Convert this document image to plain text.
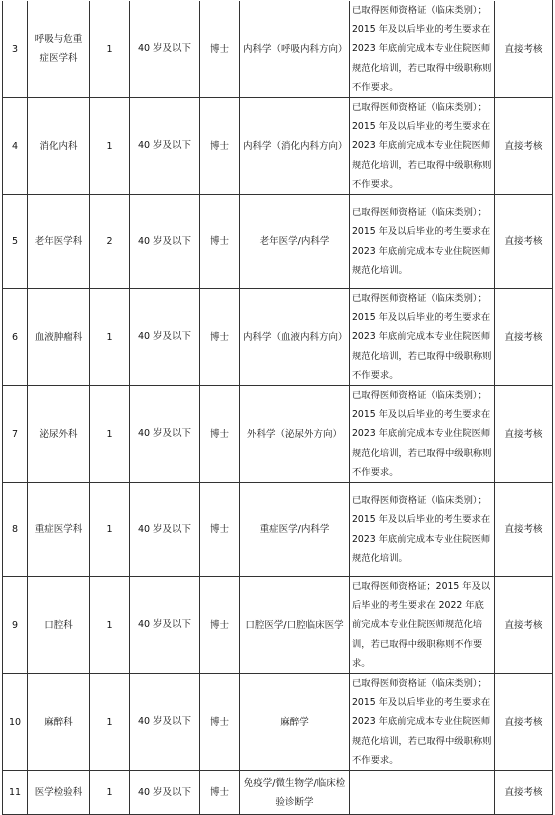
3	呼吸与危重症医学科	1	40 岁及以下	博士	内科学（呼吸内科方向）	已取得医师资格证（临床类别）；2015 年及以后毕业的考生要求在 2023 年底前完成本专业住院医师规范化培训，若已取得中级职称则不作要求。	直接考核
4	消化内科	1	40 岁及以下	博士	内科学（消化内科方向）	已取得医师资格证（临床类别）；2015 年及以后毕业的考生要求在 2023 年底前完成本专业住院医师规范化培训，若已取得中级职称则不作要求。	直接考核
5	老年医学科	2	40 岁及以下	博士	老年医学/内科学	已取得医师资格证（临床类别）；2015 年及以后毕业的考生要求在 2023 年底前完成本专业住院医师规范化培训。	直接考核
6	血液肿瘤科	1	40 岁及以下	博士	内科学（血液内科方向）	已取得医师资格证（临床类别）；2015 年及以后毕业的考生要求在 2023 年底前完成本专业住院医师规范化培训，若已取得中级职称则不作要求。	直接考核
7	泌尿外科	1	40 岁及以下	博士	外科学（泌尿外方向）	已取得医师资格证（临床类别）；2015 年及以后毕业的考生要求在 2023 年底前完成本专业住院医师规范化培训，若已取得中级职称则不作要求。	直接考核
8	重症医学科	1	40 岁及以下	博士	重症医学/内科学	已取得医师资格证（临床类别）；2015 年及以后毕业的考生要求在 2023 年底前完成本专业住院医师规范化培训。	直接考核
9	口腔科	1	40 岁及以下	博士	口腔医学/口腔临床医学	已取得医师资格证；2015 年及以后毕业的考生要求在 2022 年底前完成本专业住院医师规范化培训，若已取得中级职称则不作要求。	直接考核
10	麻醉科	1	40 岁及以下	博士	麻醉学	已取得医师资格证（临床类别）；2015 年及以后毕业的考生要求在 2023 年底前完成本专业住院医师规范化培训，若已取得中级职称则不作要求。	直接考核
11	医学检验科	1	40 岁及以下	博士	免疫学/微生物学/临床检验诊断学		直接考核
